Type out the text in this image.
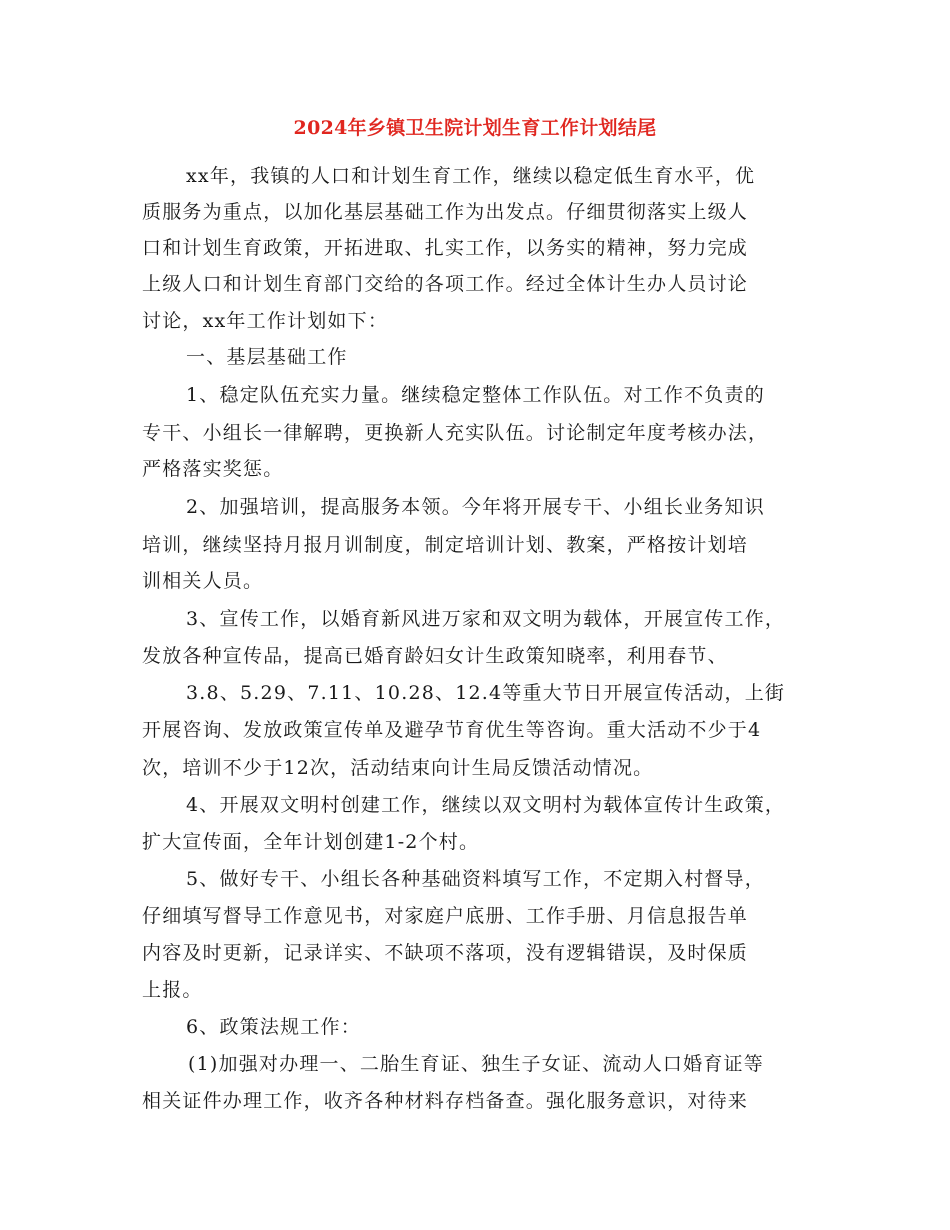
2024年乡镇卫生院计划生育工作计划结尾
xx年，我镇的人口和计划生育工作，继续以稳定低生育水平，优
质服务为重点，以加化基层基础工作为出发点。仔细贯彻落实上级人
口和计划生育政策，开拓进取、扎实工作，以务实的精神，努力完成
上级人口和计划生育部门交给的各项工作。经过全体计生办人员讨论
讨论，xx年工作计划如下：
一、基层基础工作
1、稳定队伍充实力量。继续稳定整体工作队伍。对工作不负责的
专干、小组长一律解聘，更换新人充实队伍。讨论制定年度考核办法，
严格落实奖惩。
2、加强培训，提高服务本领。今年将开展专干、小组长业务知识
培训，继续坚持月报月训制度，制定培训计划、教案，严格按计划培
训相关人员。
3、宣传工作，以婚育新风进万家和双文明为载体，开展宣传工作，
发放各种宣传品，提高已婚育龄妇女计生政策知晓率，利用春节、
3.8、5.29、7.11、10.28、12.4等重大节日开展宣传活动，上街
开展咨询、发放政策宣传单及避孕节育优生等咨询。重大活动不少于4
次，培训不少于12次，活动结束向计生局反馈活动情况。
4、开展双文明村创建工作，继续以双文明村为载体宣传计生政策，
扩大宣传面，全年计划创建1-2个村。
5、做好专干、小组长各种基础资料填写工作，不定期入村督导，
仔细填写督导工作意见书，对家庭户底册、工作手册、月信息报告单
内容及时更新，记录详实、不缺项不落项，没有逻辑错误，及时保质
上报。
6、政策法规工作：
(1)加强对办理一、二胎生育证、独生子女证、流动人口婚育证等
相关证件办理工作，收齐各种材料存档备查。强化服务意识，对待来
